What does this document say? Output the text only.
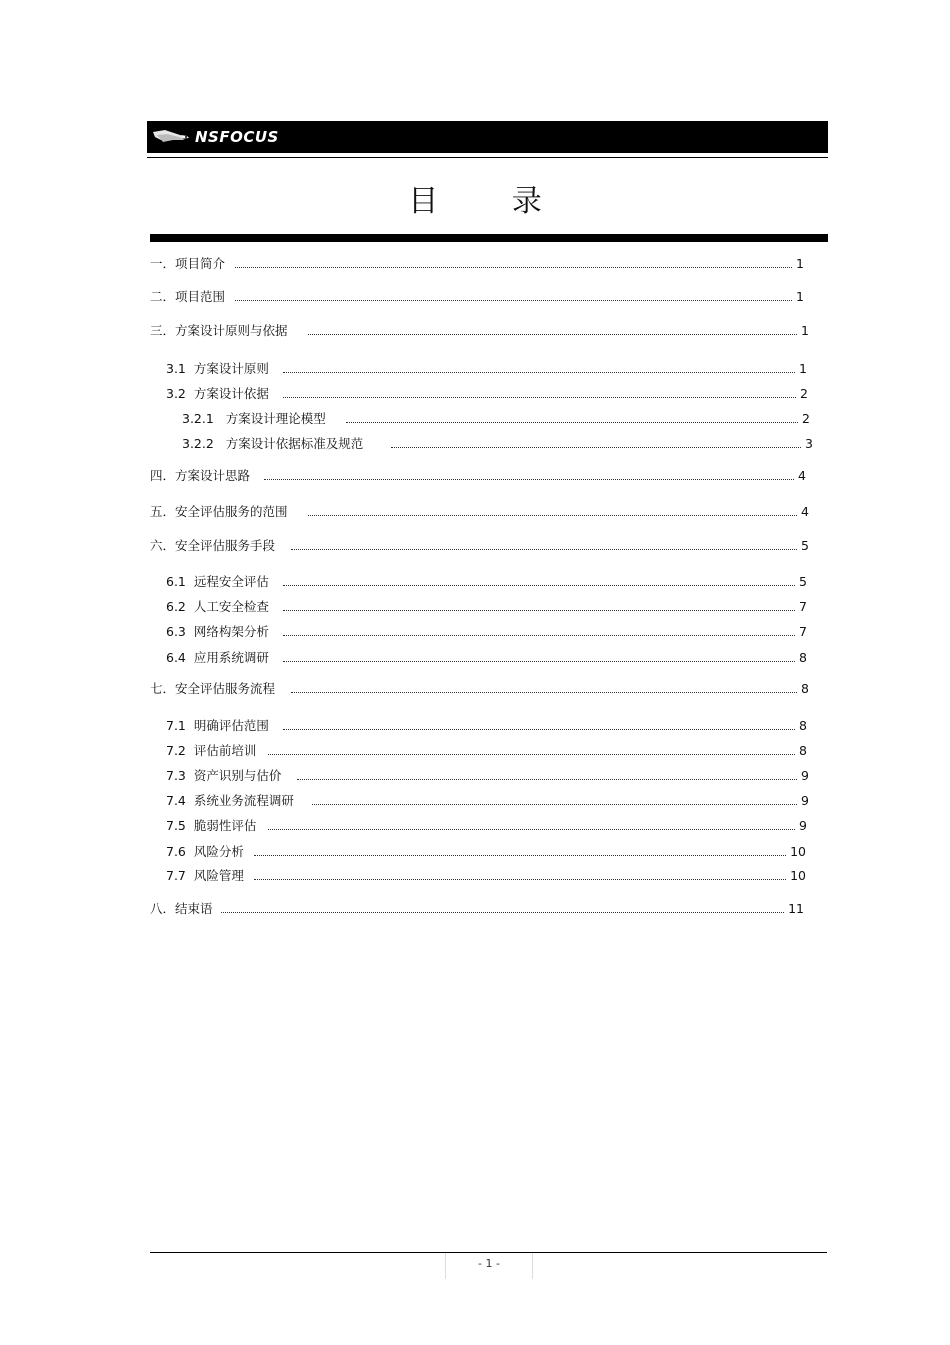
NSFOCUS
目 录
一．项目简介	1
二．项目范围	1
三．方案设计原则与依据	1
3.1  方案设计原则	1
3.2  方案设计依据	2
3.2.1   方案设计理论模型	2
3.2.2   方案设计依据标准及规范	3
四．方案设计思路	4
五．安全评估服务的范围	4
六．安全评估服务手段	5
6.1  远程安全评估	5
6.2  人工安全检查	7
6.3  网络构架分析	7
6.4  应用系统调研	8
七．安全评估服务流程	8
7.1  明确评估范围	8
7.2  评估前培训	8
7.3  资产识别与估价	9
7.4  系统业务流程调研	9
7.5  脆弱性评估	9
7.6  风险分析	10
7.7  风险管理	10
八．结束语	11
- 1 -
